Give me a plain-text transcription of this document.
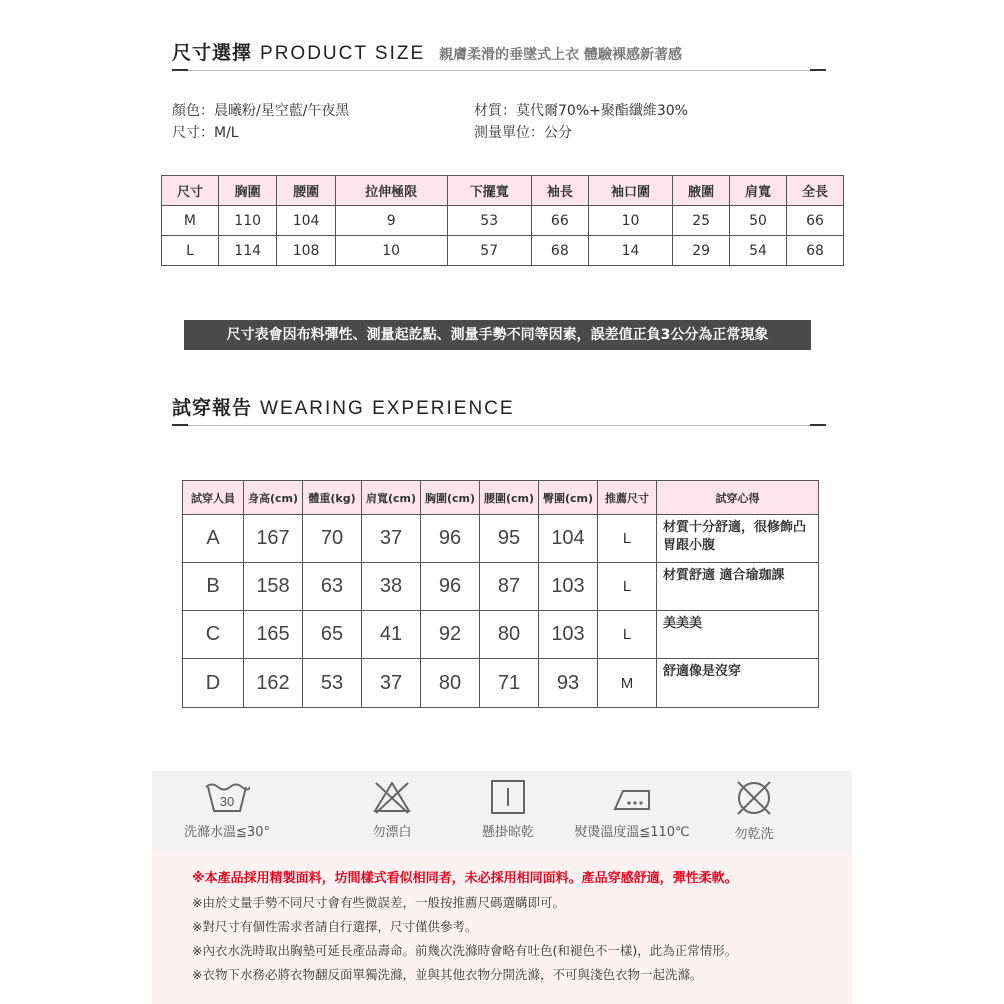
尺寸選擇 PRODUCT SIZE 親膚柔滑的垂墜式上衣 體驗裸感新著感
顏色：晨曦粉/星空藍/午夜黑
尺寸：M/L
材質：莫代爾70%+聚酯纖維30%
測量單位：公分
尺寸	胸圍	腰圍	拉伸極限	下擺寬	袖長	袖口圍	腋圍	肩寬	全長
M	110	104	9	53	66	10	25	50	66
L	114	108	10	57	68	14	29	54	68
尺寸表會因布料彈性、測量起訖點、測量手勢不同等因素，誤差值正負3公分為正常現象
試穿報告 WEARING EXPERIENCE
試穿人員	身高(cm)	體重(kg)	肩寬(cm)	胸圍(cm)	腰圍(cm)	臀圍(cm)	推薦尺寸	試穿心得
A	167	70	37	96	95	104	L	材質十分舒適，很修飾凸胃跟小腹
B	158	63	38	96	87	103	L	材質舒適 適合瑜珈課
C	165	65	41	92	80	103	L	美美美
D	162	53	37	80	71	93	M	舒適像是沒穿
30
洗滌水溫≦30°	勿漂白	懸掛晾乾	熨燙溫度溫≦110℃	勿乾洗
※本產品採用精製面料，坊間樣式看似相同者，未必採用相同面料。產品穿感舒適，彈性柔軟。
※由於丈量手勢不同尺寸會有些微誤差，一般按推薦尺碼選購即可。
※對尺寸有個性需求者請自行選擇，尺寸僅供參考。
※內衣水洗時取出胸墊可延長產品壽命。前幾次洗滌時會略有吐色(和褪色不一樣)，此為正常情形。
※衣物下水務必將衣物翻反面單獨洗滌，並與其他衣物分開洗滌，不可與淺色衣物一起洗滌。
